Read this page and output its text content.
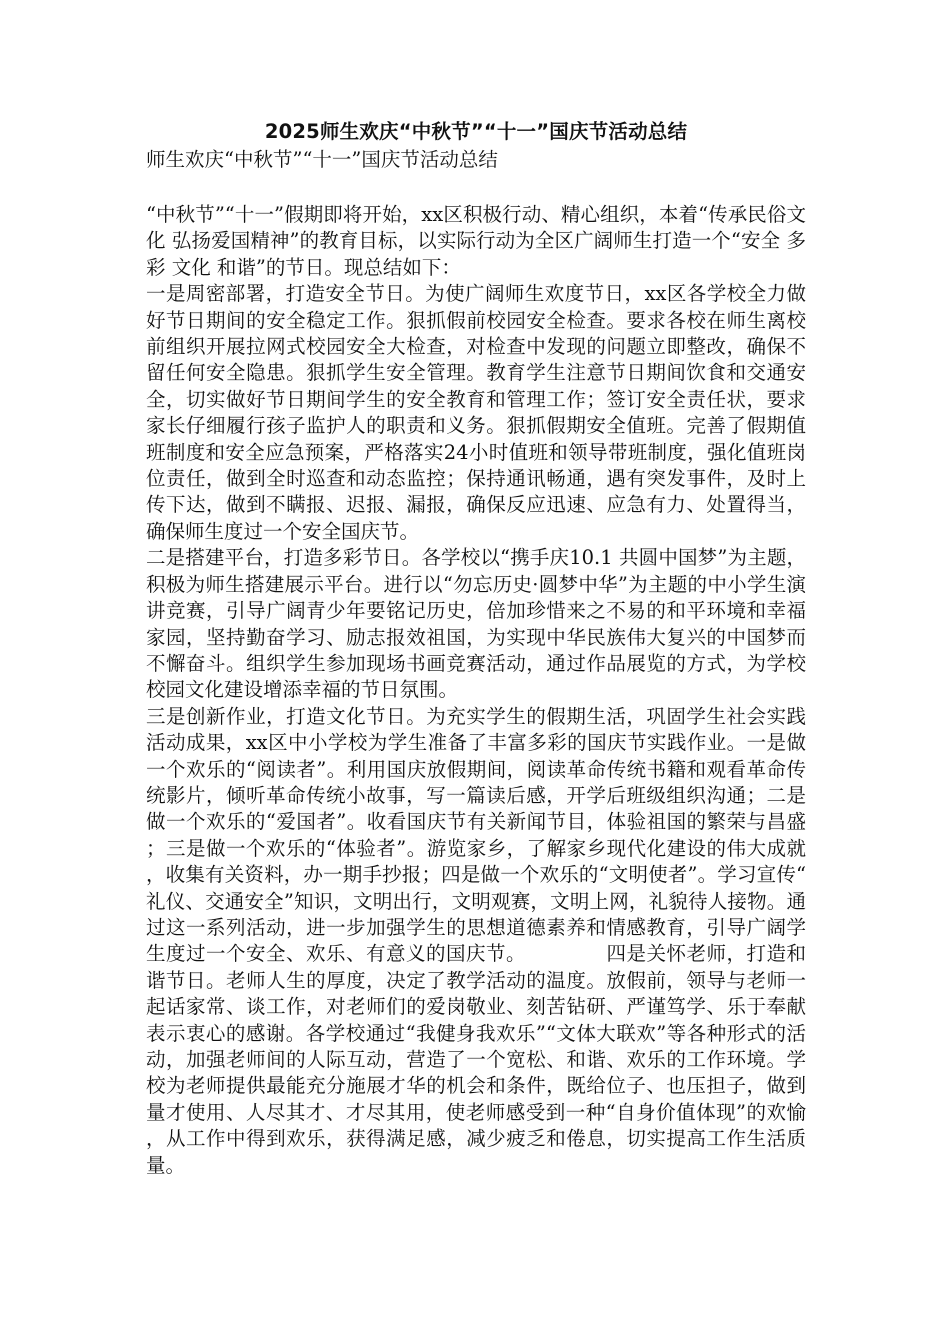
2025师生欢庆“中秋节”“十一”国庆节活动总结
师生欢庆“中秋节”“十一”国庆节活动总结

“中秋节”“十一”假期即将开始，xx区积极行动、精心组织，本着“传承民俗文化 弘扬爱国精神”的教育目标，以实际行动为全区广阔师生打造一个“安全 多彩 文化 和谐”的节日。现总结如下：

一是周密部署，打造安全节日。为使广阔师生欢度节日，xx区各学校全力做好节日期间的安全稳定工作。狠抓假前校园安全检查。要求各校在师生离校前组织开展拉网式校园安全大检查，对检查中发现的问题立即整改，确保不留任何安全隐患。狠抓学生安全管理。教育学生注意节日期间饮食和交通安全，切实做好节日期间学生的安全教育和管理工作；签订安全责任状，要求家长仔细履行孩子监护人的职责和义务。狠抓假期安全值班。完善了假期值班制度和安全应急预案，严格落实24小时值班和领导带班制度，强化值班岗位责任，做到全时巡查和动态监控；保持通讯畅通，遇有突发事件，及时上传下达，做到不瞒报、迟报、漏报，确保反应迅速、应急有力、处置得当，确保师生度过一个安全国庆节。

二是搭建平台，打造多彩节日。各学校以“携手庆10.1 共圆中国梦”为主题，积极为师生搭建展示平台。进行以“勿忘历史·圆梦中华”为主题的中小学生演讲竞赛，引导广阔青少年要铭记历史，倍加珍惜来之不易的和平环境和幸福家园，坚持勤奋学习、励志报效祖国，为实现中华民族伟大复兴的中国梦而不懈奋斗。组织学生参加现场书画竞赛活动，通过作品展览的方式，为学校校园文化建设增添幸福的节日氛围。

三是创新作业，打造文化节日。为充实学生的假期生活，巩固学生社会实践活动成果，xx区中小学校为学生准备了丰富多彩的国庆节实践作业。一是做一个欢乐的“阅读者”。利用国庆放假期间，阅读革命传统书籍和观看革命传统影片，倾听革命传统小故事，写一篇读后感，开学后班级组织沟通；二是做一个欢乐的“爱国者”。收看国庆节有关新闻节目，体验祖国的繁荣与昌盛；三是做一个欢乐的“体验者”。游览家乡，了解家乡现代化建设的伟大成就，收集有关资料，办一期手抄报；四是做一个欢乐的“文明使者”。学习宣传“礼仪、交通安全”知识，文明出行，文明观赛，文明上网，礼貌待人接物。通过这一系列活动，进一步加强学生的思想道德素养和情感教育，引导广阔学生度过一个安全、欢乐、有意义的国庆节。	四是关怀老师，打造和谐节日。老师人生的厚度，决定了教学活动的温度。放假前，领导与老师一起话家常、谈工作，对老师们的爱岗敬业、刻苦钻研、严谨笃学、乐于奉献表示衷心的感谢。各学校通过“我健身我欢乐”“文体大联欢”等各种形式的活动，加强老师间的人际互动，营造了一个宽松、和谐、欢乐的工作环境。学校为老师提供最能充分施展才华的机会和条件，既给位子、也压担子，做到量才使用、人尽其才、才尽其用，使老师感受到一种“自身价值体现”的欢愉，从工作中得到欢乐，获得满足感，减少疲乏和倦息，切实提高工作生活质量。
